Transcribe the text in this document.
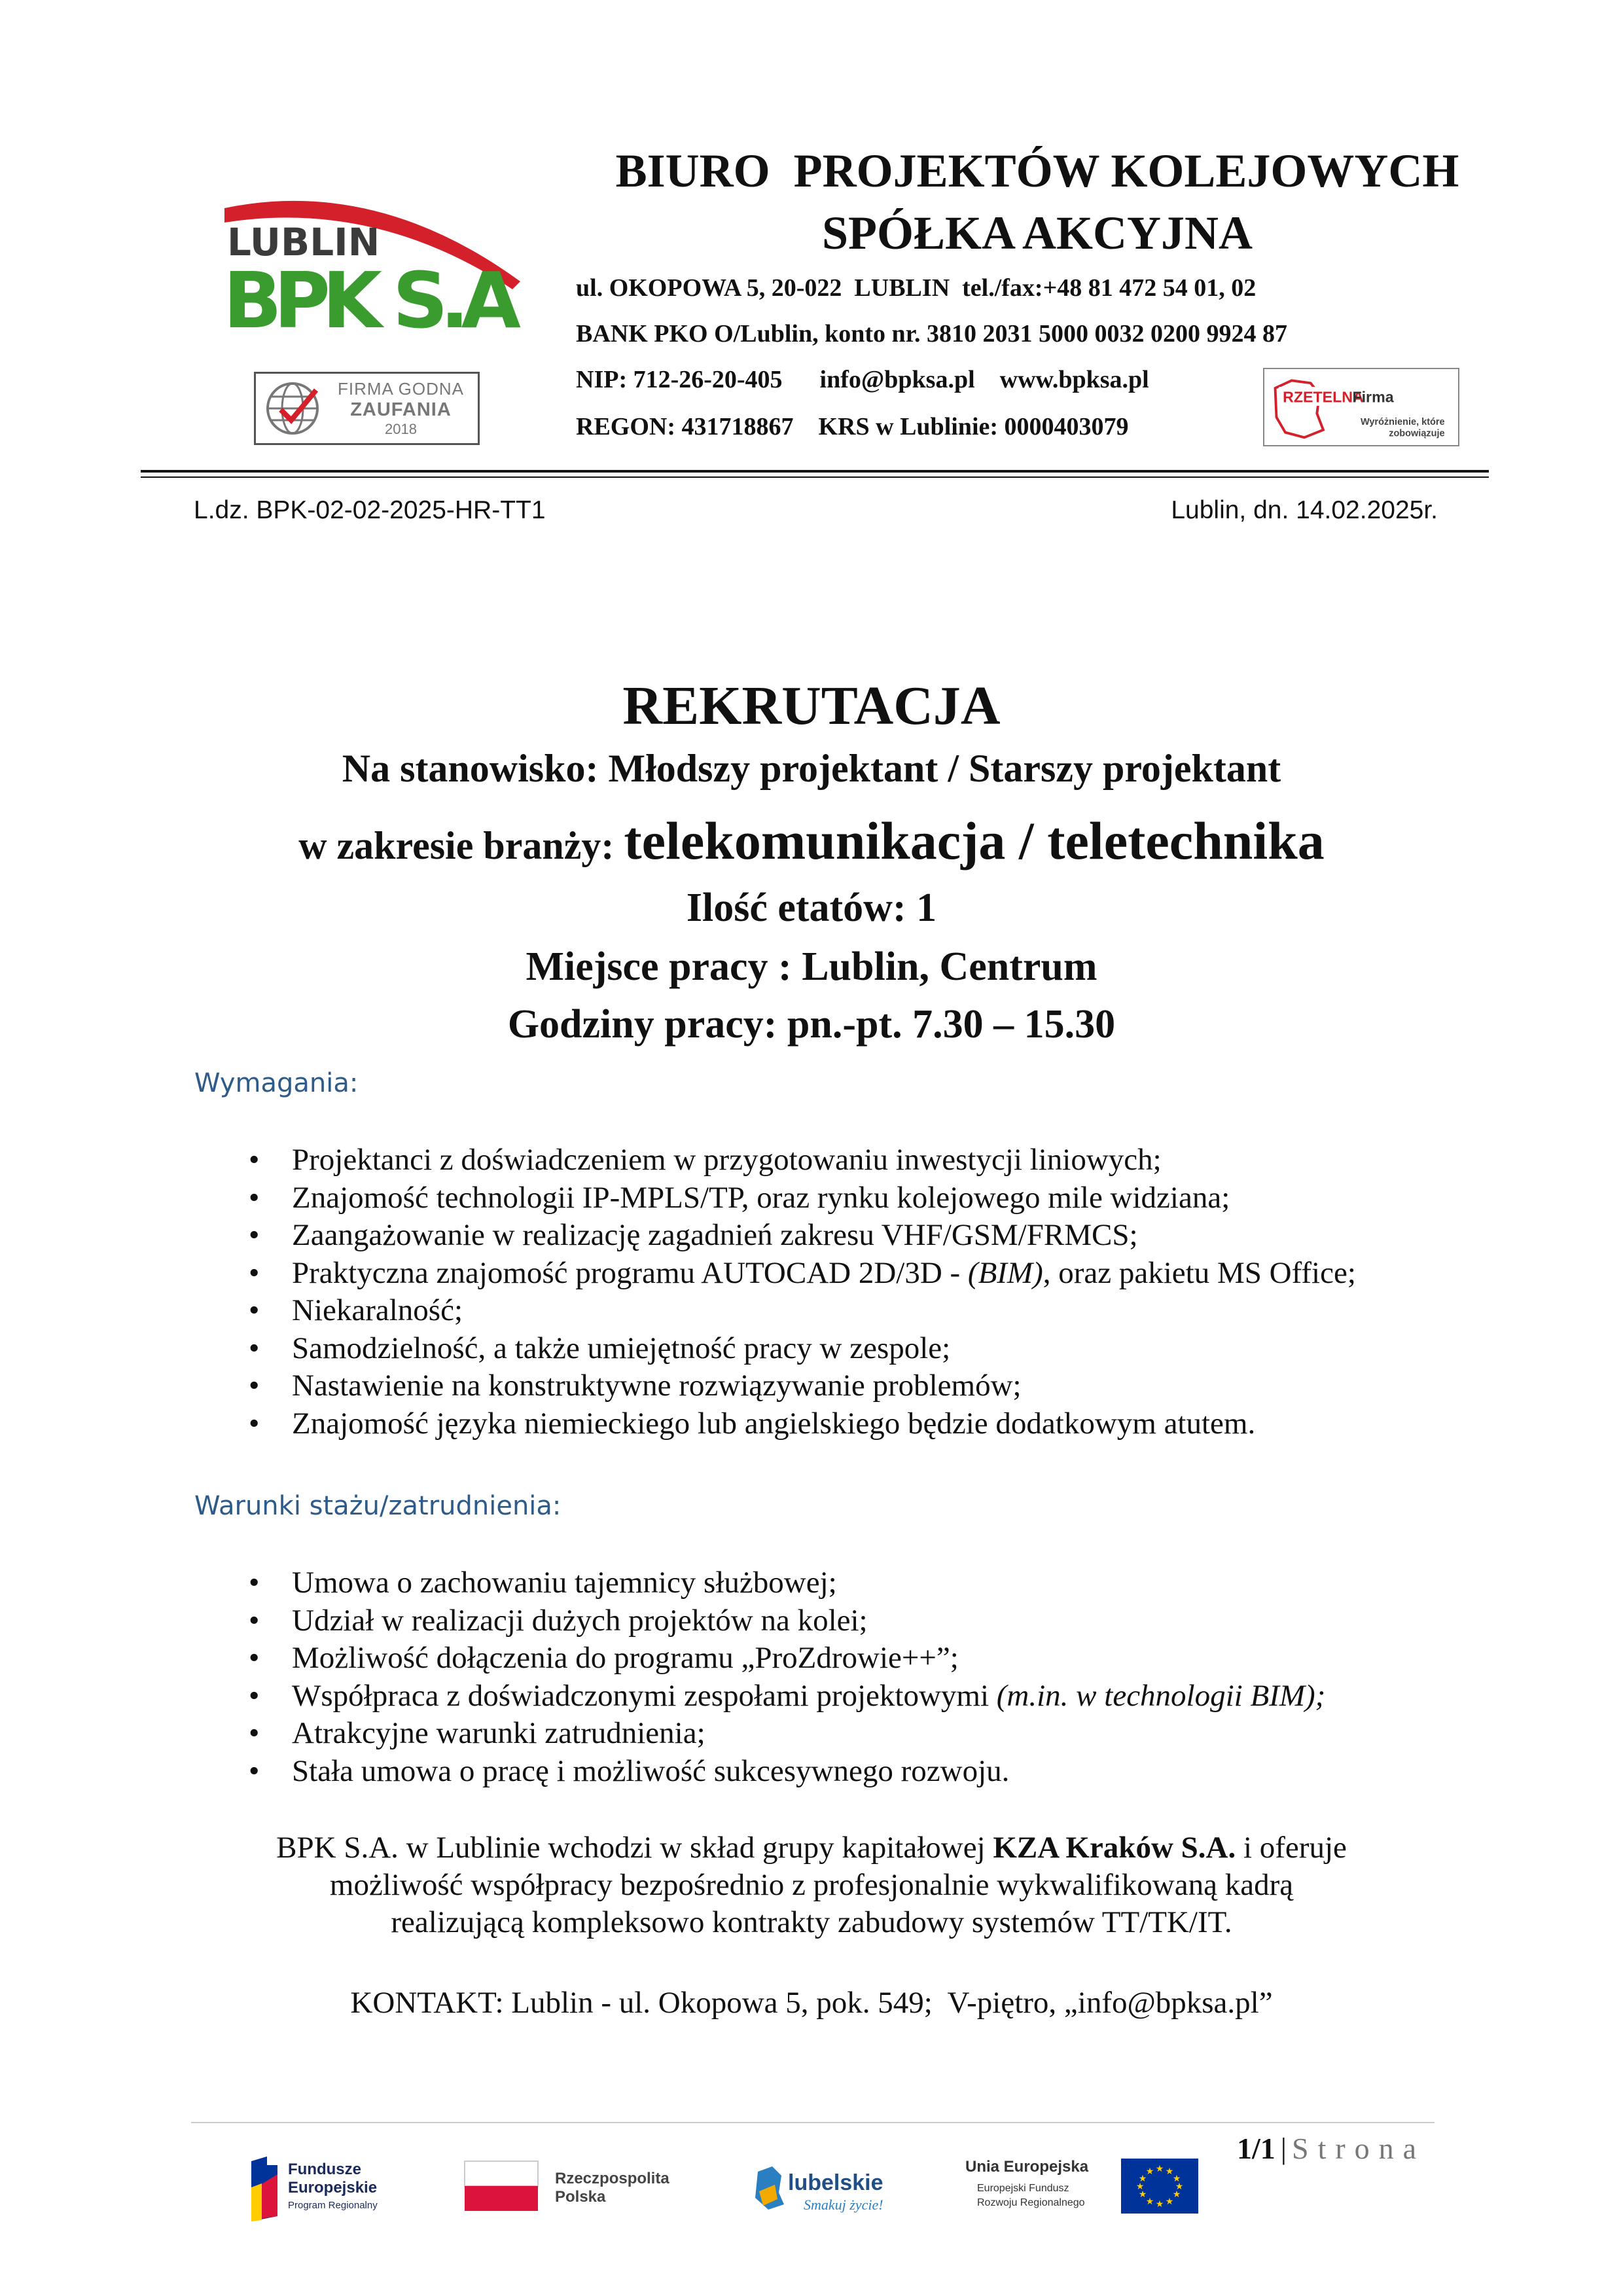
LUBLIN
BPK S.A
FIRMA GODNA
ZAUFANIA
2018
BIURO  PROJEKTÓW KOLEJOWYCH
SPÓŁKA AKCYJNA
ul. OKOPOWA 5, 20-022  LUBLIN  tel./fax:+48 81 472 54 01, 02
BANK PKO O/Lublin, konto nr. 3810 2031 5000 0032 0200 9924 87
NIP: 712-26-20-405      info@bpksa.pl    www.bpksa.pl
REGON: 431718867    KRS w Lublinie: 0000403079
RZETELNA
Firma
Wyróżnienie, które
zobowiązuje
L.dz. BPK-02-02-2025-HR-TT1	Lublin, dn. 14.02.2025r.
REKRUTACJA
Na stanowisko: Młodszy projektant / Starszy projektant
w zakresie branży: telekomunikacja / teletechnika
Ilość etatów: 1
Miejsce pracy : Lublin, Centrum
Godziny pracy: pn.-pt. 7.30 – 15.30
Wymagania:
• Projektanci z doświadczeniem w przygotowaniu inwestycji liniowych;
• Znajomość technologii IP-MPLS/TP, oraz rynku kolejowego mile widziana;
• Zaangażowanie w realizację zagadnień zakresu VHF/GSM/FRMCS;
• Praktyczna znajomość programu AUTOCAD 2D/3D - (BIM), oraz pakietu MS Office;
• Niekaralność;
• Samodzielność, a także umiejętność pracy w zespole;
• Nastawienie na konstruktywne rozwiązywanie problemów;
• Znajomość języka niemieckiego lub angielskiego będzie dodatkowym atutem.
Warunki stażu/zatrudnienia:
• Umowa o zachowaniu tajemnicy służbowej;
• Udział w realizacji dużych projektów na kolei;
• Możliwość dołączenia do programu „ProZdrowie++”;
• Współpraca z doświadczonymi zespołami projektowymi (m.in. w technologii BIM);
• Atrakcyjne warunki zatrudnienia;
• Stała umowa o pracę i możliwość sukcesywnego rozwoju.
BPK S.A. w Lublinie wchodzi w skład grupy kapitałowej KZA Kraków S.A. i oferuje
możliwość współpracy bezpośrednio z profesjonalnie wykwalifikowaną kadrą
realizującą kompleksowo kontrakty zabudowy systemów TT/TK/IT.
KONTAKT: Lublin - ul. Okopowa 5, pok. 549;  V-piętro, „info@bpksa.pl”
1/1 | Strona
Fundusze
Europejskie
Program Regionalny
Rzeczpospolita
Polska
lubelskie
Smakuj życie!
Unia Europejska
Europejski Fundusz
Rozwoju Regionalnego
★ ★
★
★
★
★
★
★
★
★
★
★
